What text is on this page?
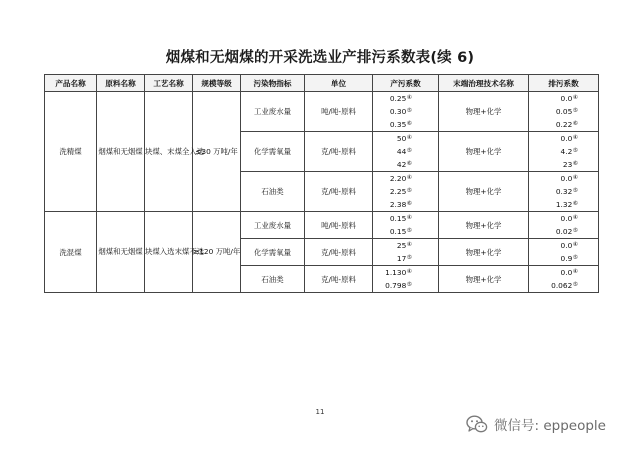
烟煤和无烟煤的开采洗选业产排污系数表(续 6)
产品名称	原料名称	工艺名称	规模等级	污染物指标	单位	产污系数	末端治理技术名称	排污系数
洗精煤	烟煤和无烟煤	块煤、末煤全入选	≤30 万吨/年	工业废水量	吨/吨-原料	0.25④	物理+化学	0.0④
						0.30⑤		0.05⑤
						0.35⑥		0.22⑥
				化学需氧量	克/吨-原料	50④	物理+化学	0.0④
						44⑤		4.2⑤
						42⑥		23⑥
				石油类	克/吨-原料	2.20④	物理+化学	0.0④
						2.25⑤		0.32⑤
						2.38⑥		1.32⑥
洗混煤	烟煤和无烟煤	块煤入选末煤不选	≥120 万吨/年	工业废水量	吨/吨-原料	0.15④	物理+化学	0.0④
						0.15⑤		0.02⑤
				化学需氧量	克/吨-原料	25④	物理+化学	0.0④
						17⑤		0.9⑤
				石油类	克/吨-原料	1.130④	物理+化学	0.0④
						0.798⑤		0.062⑤
11
微信号: eppeople
